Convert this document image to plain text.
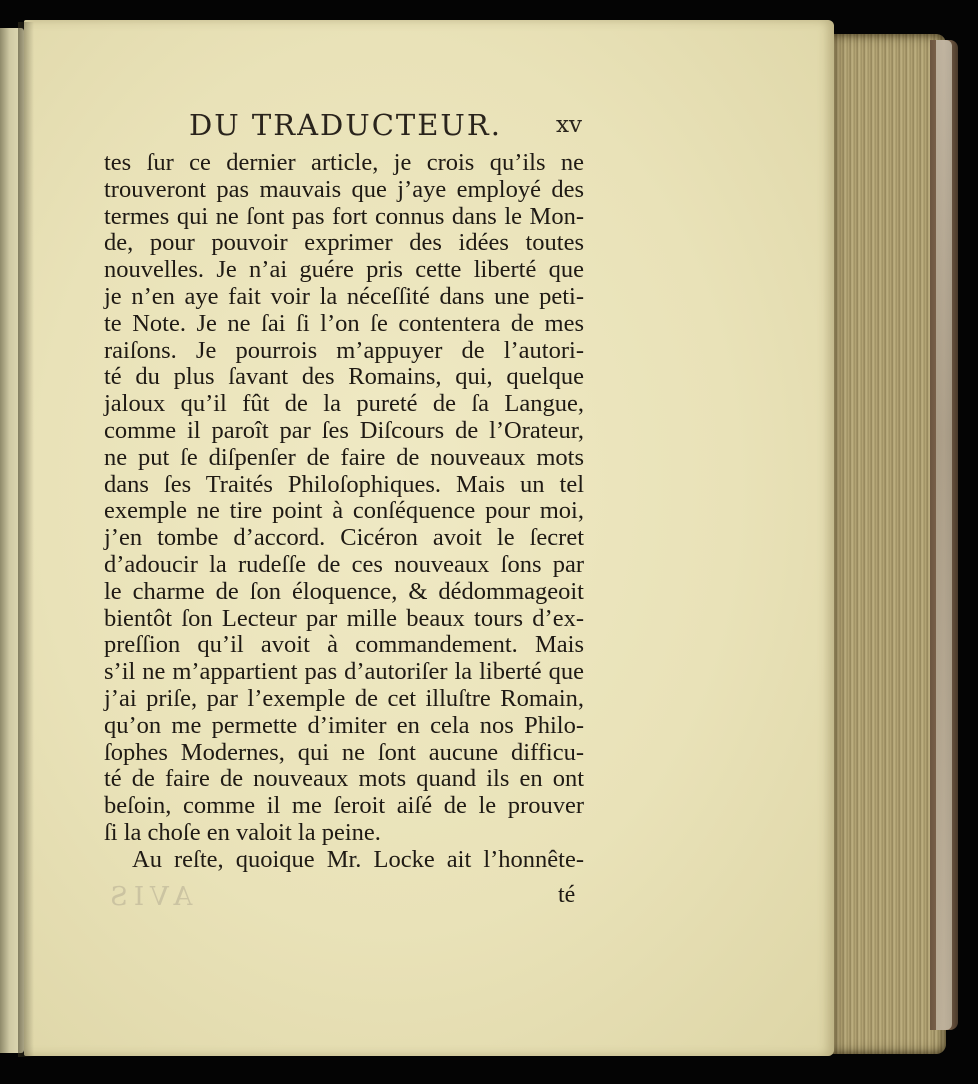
DU TRADUCTEUR. xv
tes ſur ce dernier article, je crois qu’ils ne
trouveront pas mauvais que j’aye employé des
termes qui ne ſont pas fort connus dans le Mon-
de, pour pouvoir exprimer des idées toutes
nouvelles. Je n’ai guére pris cette liberté que
je n’en aye fait voir la néceſſité dans une peti-
te Note. Je ne ſai ſi l’on ſe contentera de mes
raiſons. Je pourrois m’appuyer de l’autori-
té du plus ſavant des Romains, qui, quelque
jaloux qu’il fût de la pureté de ſa Langue,
comme il paroît par ſes Diſcours de l’Orateur,
ne put ſe diſpenſer de faire de nouveaux mots
dans ſes Traités Philoſophiques. Mais un tel
exemple ne tire point à conſéquence pour moi,
j’en tombe d’accord. Cicéron avoit le ſecret
d’adoucir la rudeſſe de ces nouveaux ſons par
le charme de ſon éloquence, & dédommageoit
bientôt ſon Lecteur par mille beaux tours d’ex-
preſſion qu’il avoit à commandement. Mais
s’il ne m’appartient pas d’autoriſer la liberté que
j’ai priſe, par l’exemple de cet illuſtre Romain,
qu’on me permette d’imiter en cela nos Philo-
ſophes Modernes, qui ne ſont aucune difficu-
té de faire de nouveaux mots quand ils en ont
beſoin, comme il me ſeroit aiſé de le prouver
ſi la choſe en valoit la peine.
Au reſte, quoique Mr. Locke ait l’honnête-
AVIS	té
